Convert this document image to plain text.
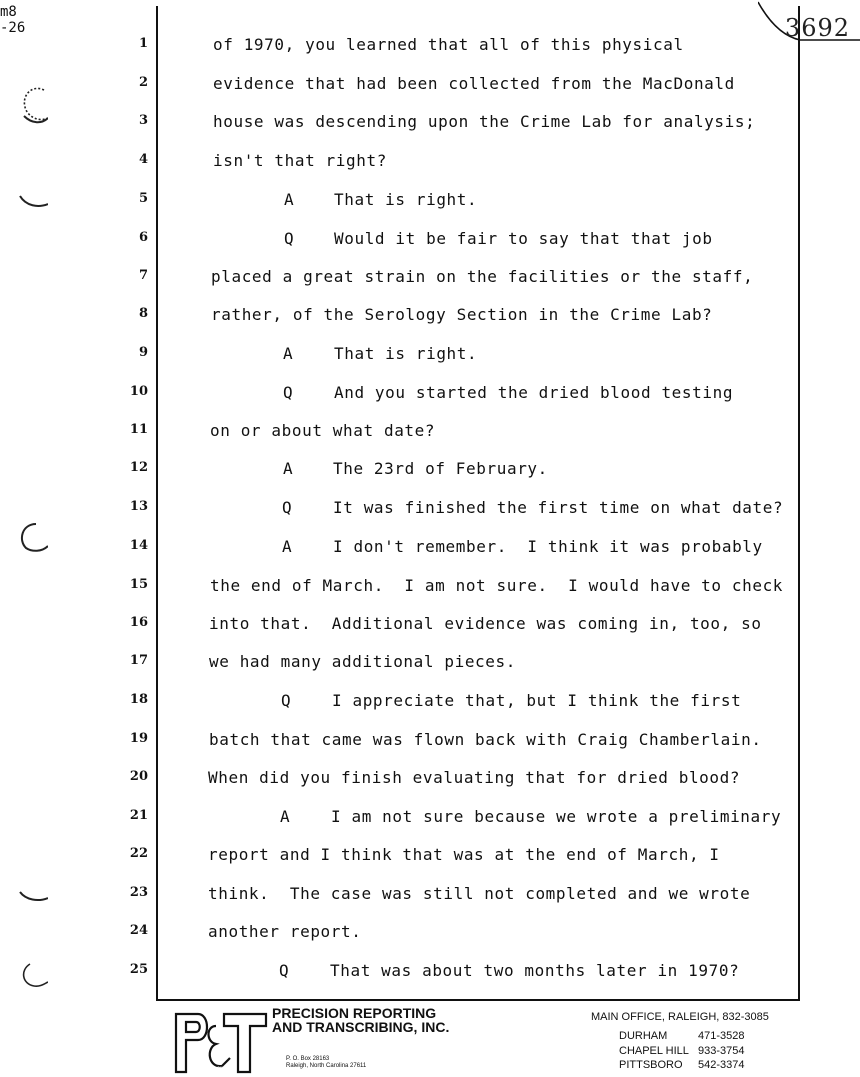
m8
-26	3692
1	of 1970, you learned that all of this physical
2	evidence that had been collected from the MacDonald
3	house was descending upon the Crime Lab for analysis;
4	isn't that right?
5	A	That is right.
6	Q	Would it be fair to say that that job
7	placed a great strain on the facilities or the staff,
8	rather, of the Serology Section in the Crime Lab?
9	A	That is right.
10	Q	And you started the dried blood testing
11	on or about what date?
12	A	The 23rd of February.
13	Q	It was finished the first time on what date?
14	A	I don't remember.  I think it was probably
15	the end of March.  I am not sure.  I would have to check
16	into that.  Additional evidence was coming in, too, so
17	we had many additional pieces.
18	Q	I appreciate that, but I think the first
19	batch that came was flown back with Craig Chamberlain.
20	When did you finish evaluating that for dried blood?
21	A	I am not sure because we wrote a preliminary
22	report and I think that was at the end of March, I
23	think.  The case was still not completed and we wrote
24	another report.
25	Q	That was about two months later in 1970?
P&T
PRECISION REPORTING
AND TRANSCRIBING, INC.
P. O. Box 28163
Raleigh, North Carolina 27611
MAIN OFFICE, RALEIGH, 832-3085
DURHAM	471-3528
CHAPEL HILL 933-3754
PITTSBORO 542-3374
